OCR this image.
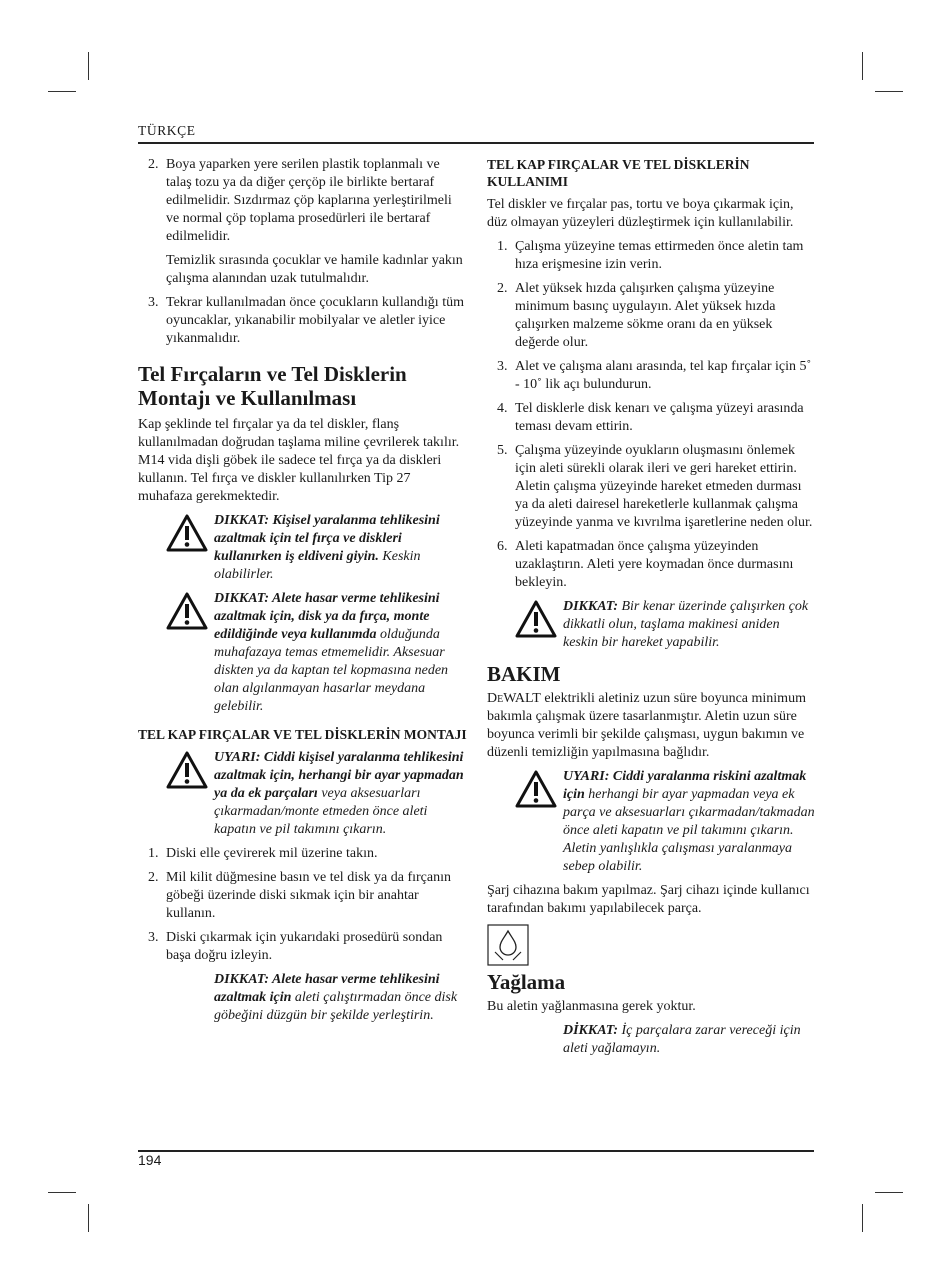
TÜRKÇE
2. Boya yaparken yere serilen plastik toplanmalı ve talaş tozu ya da diğer çerçöp ile birlikte bertaraf edilmelidir. Sızdırmaz çöp kaplarına yerleştirilmeli ve normal çöp toplama prosedürleri ile bertaraf edilmelidir.

Temizlik sırasında çocuklar ve hamile kadınlar yakın çalışma alanından uzak tutulmalıdır.

3. Tekrar kullanılmadan önce çocukların kullandığı tüm oyuncaklar, yıkanabilir mobilyalar ve aletler iyice yıkanmalıdır.
Tel Fırçaların ve Tel Disklerin Montajı ve Kullanılması

Kap şeklinde tel fırçalar ya da tel diskler, flanş kullanılmadan doğrudan taşlama miline çevrilerek takılır. M14 vida dişli göbek ile sadece tel fırça ya da diskleri kullanın. Tel fırça ve diskler kullanılırken Tip 27 muhafaza gerekmektedir.

DIKKAT: Kişisel yaralanma tehlikesini azaltmak için tel fırça ve diskleri kullanırken iş eldiveni giyin. Keskin olabilirler.
DIKKAT: Alete hasar verme tehlikesini azaltmak için, disk ya da fırça, monte edildiğinde veya kullanımda olduğunda muhafazaya temas etmemelidir. Aksesuar diskten ya da kaptan tel kopmasına neden olan algılanmayan hasarlar meydana gelebilir.
TEL KAP FIRÇALAR VE TEL DİSKLERİN MONTAJI
UYARI: Ciddi kişisel yaralanma tehlikesini azaltmak için, herhangi bir ayar yapmadan ya da ek parçaları veya aksesuarları çıkarmadan/monte etmeden önce aleti kapatın ve pil takımını çıkarın.
1. Diski elle çevirerek mil üzerine takın.
2. Mil kilit düğmesine basın ve tel disk ya da fırçanın göbeği üzerinde diski sıkmak için bir anahtar kullanın.
3. Diski çıkarmak için yukarıdaki prosedürü sondan başa doğru izleyin.
DIKKAT: Alete hasar verme tehlikesini azaltmak için aleti çalıştırmadan önce disk göbeğini düzgün bir şekilde yerleştirin.
TEL KAP FIRÇALAR VE TEL DİSKLERİN KULLANIMI

Tel diskler ve fırçalar pas, tortu ve boya çıkarmak için, düz olmayan yüzeyleri düzleştirmek için kullanılabilir.

1. Çalışma yüzeyine temas ettirmeden önce aletin tam hıza erişmesine izin verin.
2. Alet yüksek hızda çalışırken çalışma yüzeyine minimum basınç uygulayın. Alet yüksek hızda çalışırken malzeme sökme oranı da en yüksek değerde olur.
3. Alet ve çalışma alanı arasında, tel kap fırçalar için 5˚ - 10˚ lik açı bulundurun.
4. Tel disklerle disk kenarı ve çalışma yüzeyi arasında teması devam ettirin.
5. Çalışma yüzeyinde oyukların oluşmasını önlemek için aleti sürekli olarak ileri ve geri hareket ettirin. Aletin çalışma yüzeyinde hareket etmeden durması ya da aleti dairesel hareketlerle kullanmak çalışma yüzeyinde yanma ve kıvrılma işaretlerine neden olur.
6. Aleti kapatmadan önce çalışma yüzeyinden uzaklaştırın. Aleti yere koymadan önce durmasını bekleyin.
DIKKAT: Bir kenar üzerinde çalışırken çok dikkatli olun, taşlama makinesi aniden keskin bir hareket yapabilir.
BAKIM

DeWALT elektrikli aletiniz uzun süre boyunca minimum bakımla çalışmak üzere tasarlanmıştır. Aletin uzun süre boyunca verimli bir şekilde çalışması, uygun bakımın ve düzenli temizliğin yapılmasına bağlıdır.

UYARI: Ciddi yaralanma riskini azaltmak için herhangi bir ayar yapmadan veya ek parça ve aksesuarları çıkarmadan/takmadan önce aleti kapatın ve pil takımını çıkarın. Aletin yanlışlıkla çalışması yaralanmaya sebep olabilir.

Şarj cihazına bakım yapılmaz. Şarj cihazı içinde kullanıcı tarafından bakımı yapılabilecek parça.

Yağlama

Bu aletin yağlanmasına gerek yoktur.

DİKKAT: İç parçalara zarar vereceği için aleti yağlamayın.
194
